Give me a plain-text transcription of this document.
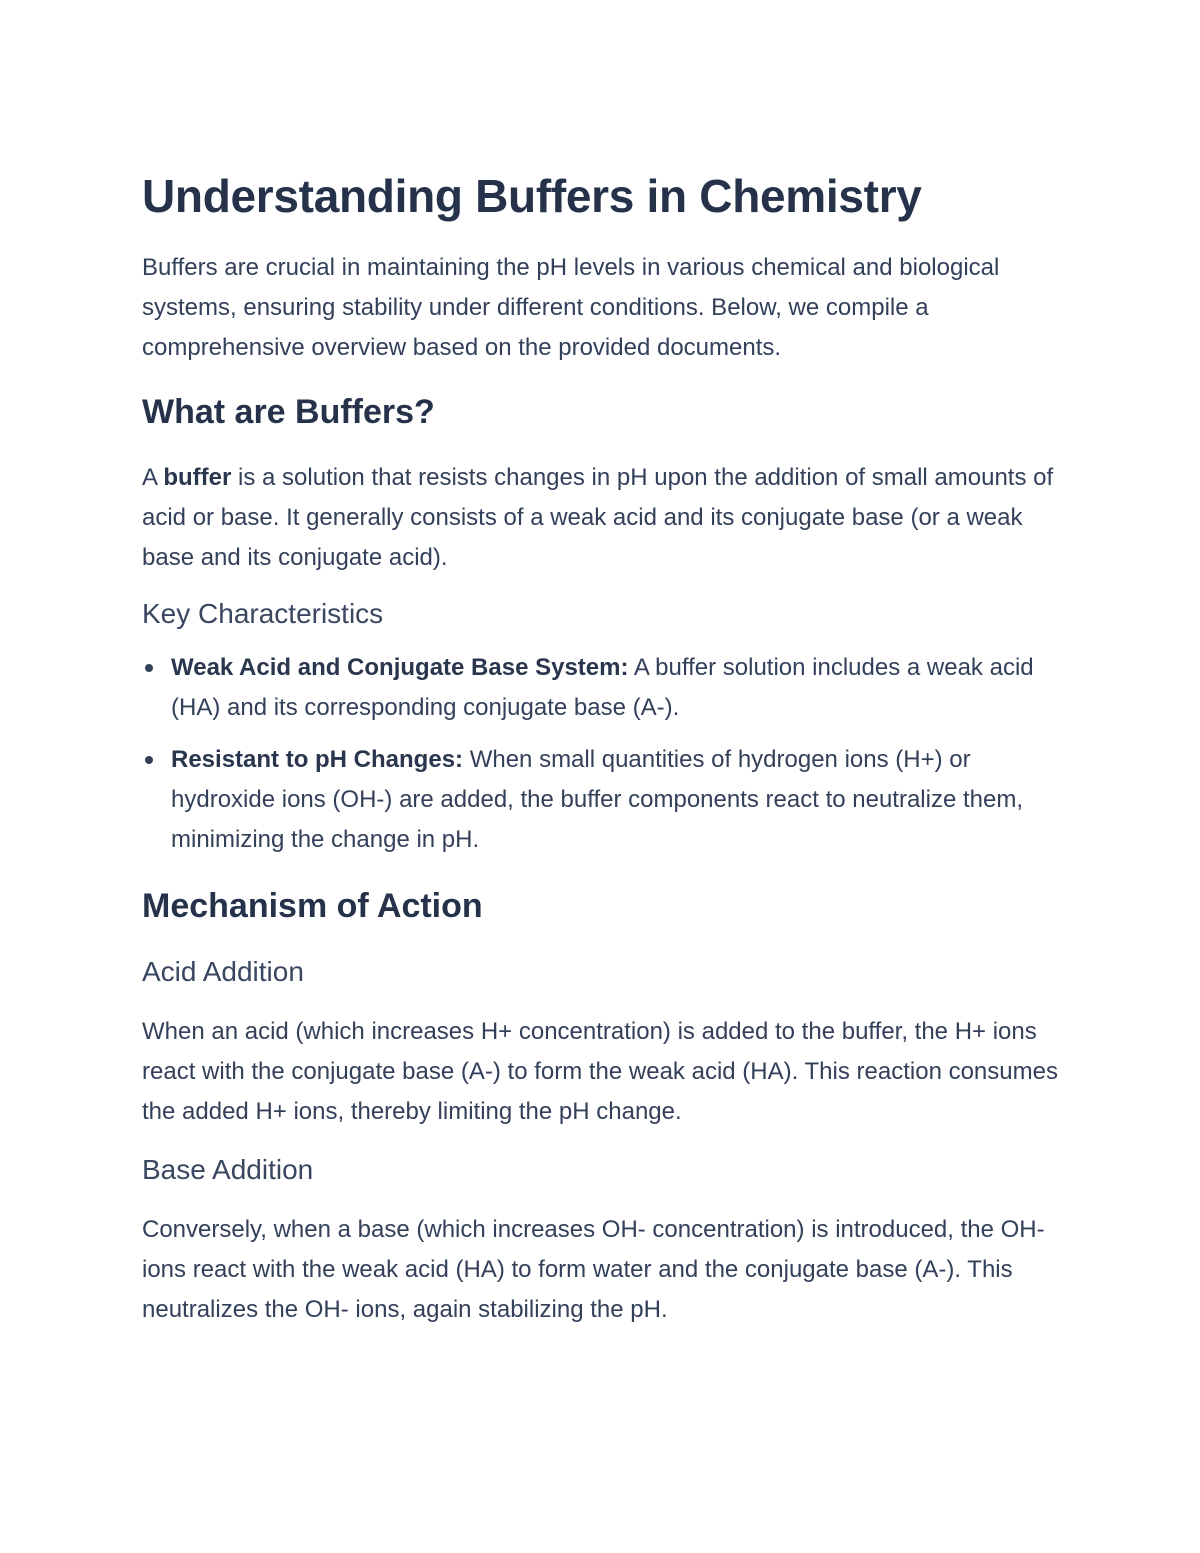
Understanding Buffers in Chemistry

Buffers are crucial in maintaining the pH levels in various chemical and biological systems, ensuring stability under different conditions. Below, we compile a comprehensive overview based on the provided documents.

What are Buffers?

A buffer is a solution that resists changes in pH upon the addition of small amounts of acid or base. It generally consists of a weak acid and its conjugate base (or a weak base and its conjugate acid).

Key Characteristics
Weak Acid and Conjugate Base System: A buffer solution includes a weak acid (HA) and its corresponding conjugate base (A-).
Resistant to pH Changes: When small quantities of hydrogen ions (H+) or hydroxide ions (OH-) are added, the buffer components react to neutralize them, minimizing the change in pH.
Mechanism of Action
Acid Addition

When an acid (which increases H+ concentration) is added to the buffer, the H+ ions react with the conjugate base (A-) to form the weak acid (HA). This reaction consumes the added H+ ions, thereby limiting the pH change.

Base Addition

Conversely, when a base (which increases OH- concentration) is introduced, the OH- ions react with the weak acid (HA) to form water and the conjugate base (A-). This neutralizes the OH- ions, again stabilizing the pH.
